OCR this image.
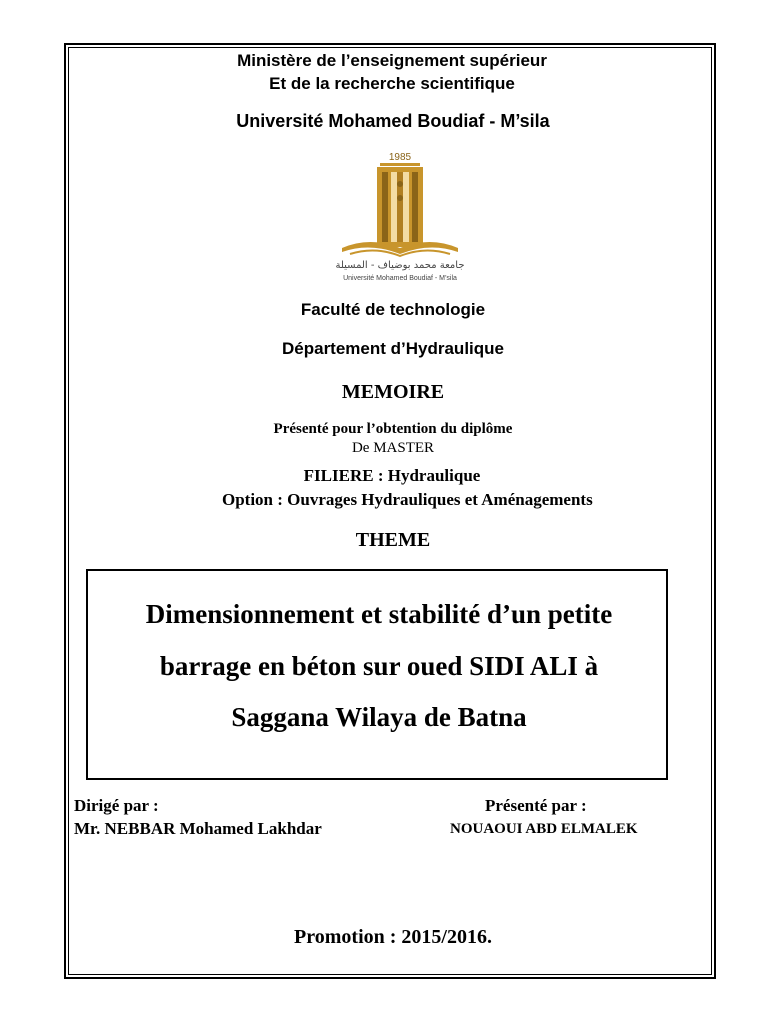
Ministère de l’enseignement supérieur
Et de la recherche scientifique
Université Mohamed Boudiaf - M’sila
1985
جامعة محمد بوضياف - المسيلة
Université Mohamed Boudiaf - M’sila
Faculté de technologie
Département d’Hydraulique
MEMOIRE
Présenté pour l’obtention du diplôme
De MASTER
FILIERE : Hydraulique
Option : Ouvrages Hydrauliques et Aménagements
THEME
Dimensionnement et stabilité d’un petite
barrage en béton sur oued SIDI ALI à
Saggana Wilaya de Batna
Dirigé par :
Mr. NEBBAR Mohamed Lakhdar
Présenté par :
NOUAOUI ABD ELMALEK
Promotion : 2015/2016.
